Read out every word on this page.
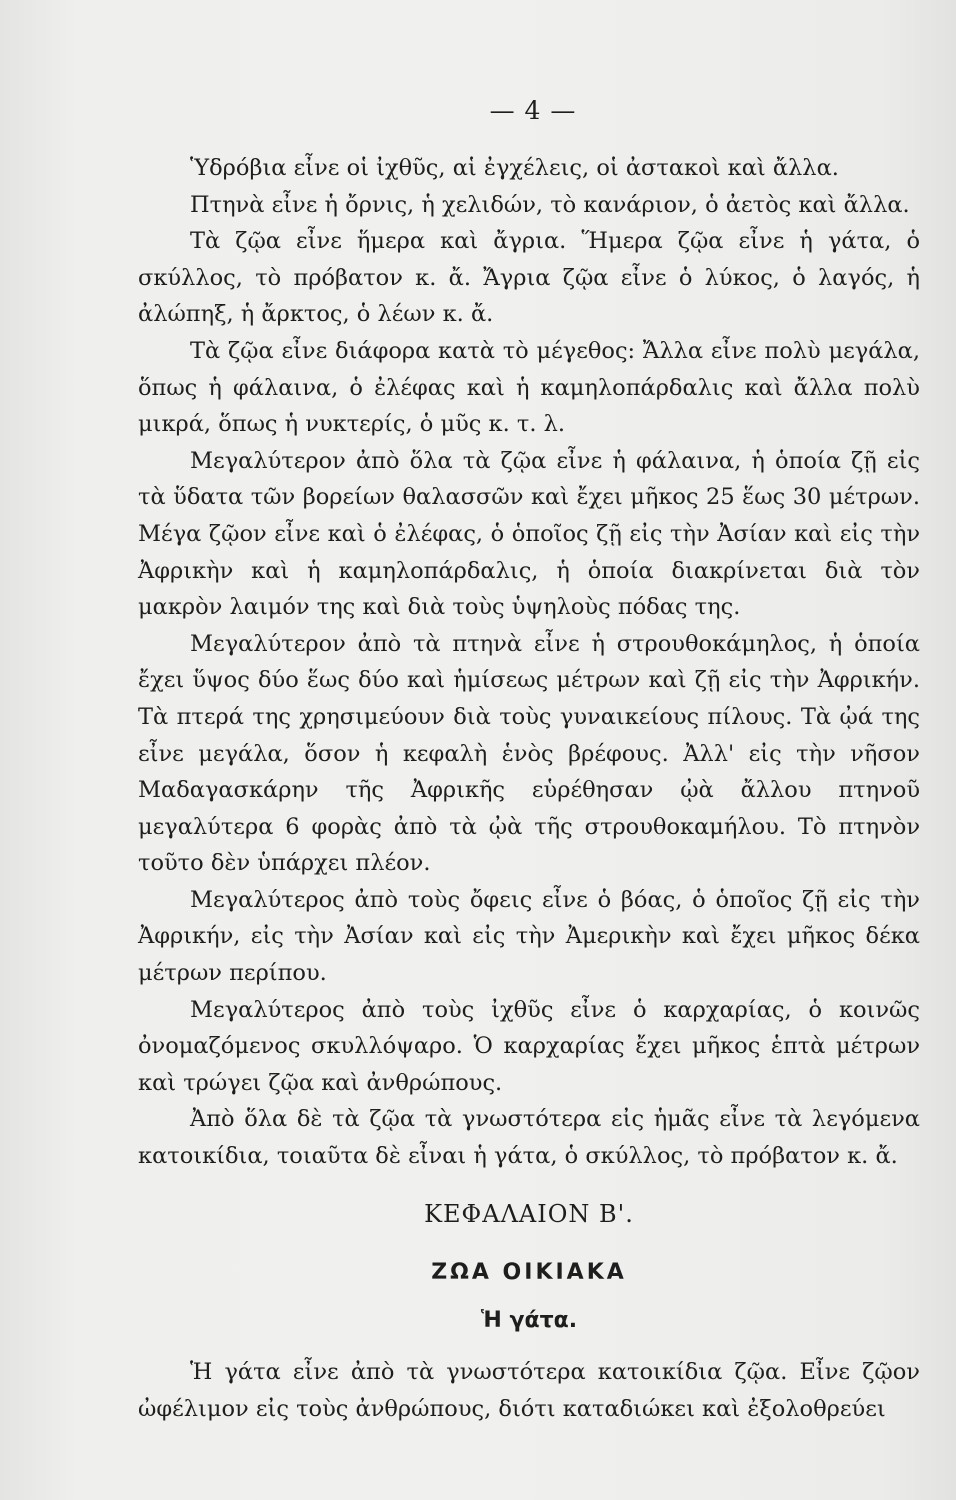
— 4 —

Ὑδρόβια εἶνε οἱ ἰχθῦς, αἱ ἐγχέλεις, οἱ ἀστακοὶ καὶ ἄλλα.

Πτηνὰ εἶνε ἡ ὄρνις, ἡ χελιδών, τὸ κανάριον, ὁ ἀετὸς καὶ ἄλλα.

Τὰ ζῷα εἶνε ἥμερα καὶ ἄγρια. Ἥμερα ζῷα εἶνε ἡ γάτα, ὁ σκύλλος, τὸ πρόβατον κ. ἄ. Ἄγρια ζῷα εἶνε ὁ λύκος, ὁ λαγός, ἡ ἀλώπηξ, ἡ ἄρκτος, ὁ λέων κ. ἄ.

Τὰ ζῷα εἶνε διάφορα κατὰ τὸ μέγεθος: Ἄλλα εἶνε πολὺ μεγάλα, ὅπως ἡ φάλαινα, ὁ ἐλέφας καὶ ἡ καμηλοπάρδαλις καὶ ἄλλα πολὺ μικρά, ὅπως ἡ νυκτερίς, ὁ μῦς κ. τ. λ.

Μεγαλύτερον ἀπὸ ὅλα τὰ ζῷα εἶνε ἡ φάλαινα, ἡ ὁποία ζῇ εἰς τὰ ὕδατα τῶν βορείων θαλασσῶν καὶ ἔχει μῆκος 25 ἕως 30 μέτρων. Μέγα ζῷον εἶνε καὶ ὁ ἐλέφας, ὁ ὁποῖος ζῇ εἰς τὴν Ἀσίαν καὶ εἰς τὴν Ἀφρικὴν καὶ ἡ καμηλοπάρδαλις, ἡ ὁποία διακρίνεται διὰ τὸν μακρὸν λαιμόν της καὶ διὰ τοὺς ὑψηλοὺς πόδας της.

Μεγαλύτερον ἀπὸ τὰ πτηνὰ εἶνε ἡ στρουθοκάμηλος, ἡ ὁποία ἔχει ὕψος δύο ἕως δύο καὶ ἡμίσεως μέτρων καὶ ζῇ εἰς τὴν Ἀφρικήν. Τὰ πτερά της χρησιμεύουν διὰ τοὺς γυναικείους πίλους. Τὰ ᾠά της εἶνε μεγάλα, ὅσον ἡ κεφαλὴ ἑνὸς βρέφους. Ἀλλ' εἰς τὴν νῆσον Μαδαγασκάρην τῆς Ἀφρικῆς εὑρέθησαν ᾠὰ ἄλλου πτηνοῦ μεγαλύτερα 6 φορὰς ἀπὸ τὰ ᾠὰ τῆς στρουθοκαμήλου. Τὸ πτηνὸν τοῦτο δὲν ὑπάρχει πλέον.

Μεγαλύτερος ἀπὸ τοὺς ὄφεις εἶνε ὁ βόας, ὁ ὁποῖος ζῇ εἰς τὴν Ἀφρικήν, εἰς τὴν Ἀσίαν καὶ εἰς τὴν Ἀμερικὴν καὶ ἔχει μῆκος δέκα μέτρων περίπου.

Μεγαλύτερος ἀπὸ τοὺς ἰχθῦς εἶνε ὁ καρχαρίας, ὁ κοινῶς ὀνομαζόμενος σκυλλόψαρο. Ὁ καρχαρίας ἔχει μῆκος ἑπτὰ μέτρων καὶ τρώγει ζῷα καὶ ἀνθρώπους.

Ἀπὸ ὅλα δὲ τὰ ζῷα τὰ γνωστότερα εἰς ἡμᾶς εἶνε τὰ λεγόμενα κατοικίδια, τοιαῦτα δὲ εἶναι ἡ γάτα, ὁ σκύλλος, τὸ πρόβατον κ. ἄ.

ΚΕΦΑΛΑΙΟΝ Β'.
ΖΩΑ ΟΙΚΙΑΚΑ
Ἡ γάτα.

Ἡ γάτα εἶνε ἀπὸ τὰ γνωστότερα κατοικίδια ζῷα. Εἶνε ζῷον ὠφέλιμον εἰς τοὺς ἀνθρώπους, διότι καταδιώκει καὶ ἐξολοθρεύει
